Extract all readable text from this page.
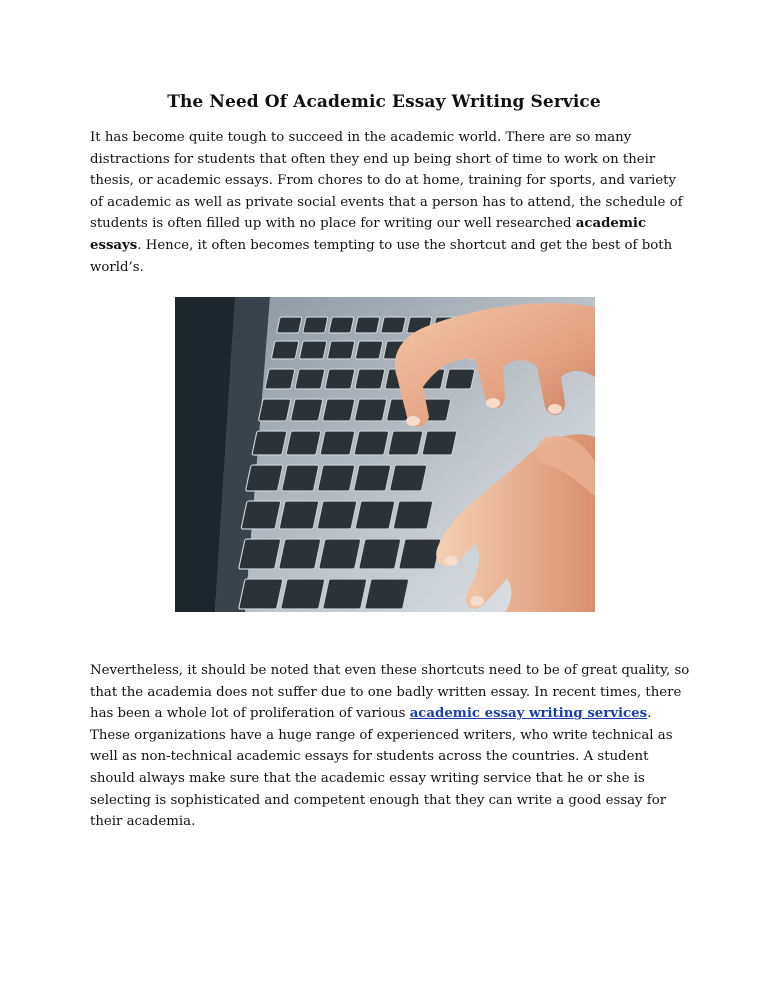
The Need Of Academic Essay Writing Service

It has become quite tough to succeed in the academic world. There are so many distractions for students that often they end up being short of time to work on their thesis, or academic essays. From chores to do at home, training for sports, and variety of academic as well as private social events that a person has to attend, the schedule of students is often filled up with no place for writing our well researched academic essays. Hence, it often becomes tempting to use the shortcut and get the best of both world’s.

Nevertheless, it should be noted that even these shortcuts need to be of great quality, so that the academia does not suffer due to one badly written essay. In recent times, there has been a whole lot of proliferation of various academic essay writing services. These organizations have a huge range of experienced writers, who write technical as well as non-technical academic essays for students across the countries. A student should always make sure that the academic essay writing service that he or she is selecting is sophisticated and competent enough that they can write a good essay for their academia.
